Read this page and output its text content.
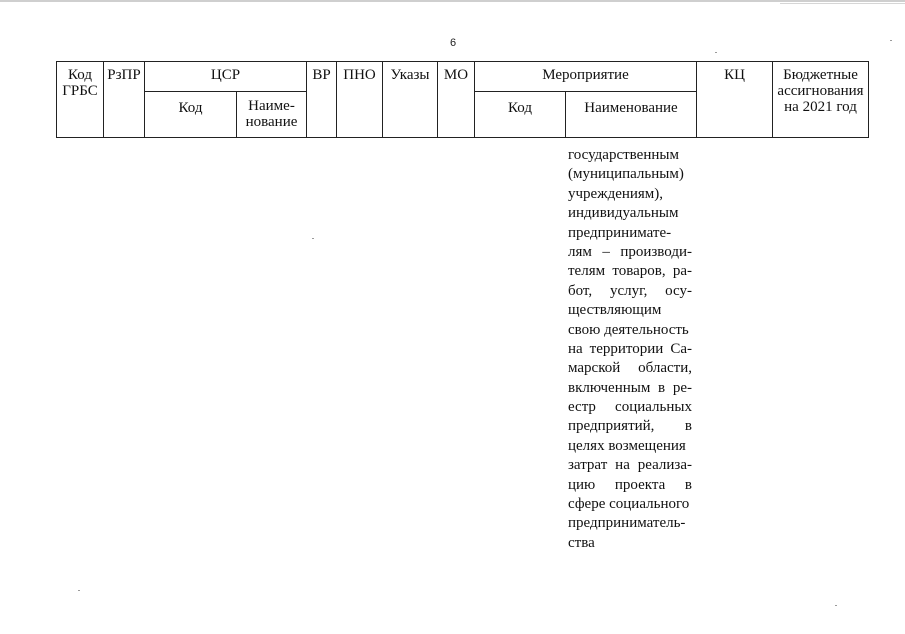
6
Код
ГРБС	РзПР	ЦСР		ВР	ПНО	Указы	МО	Мероприятие		КЦ	Бюджетные
ассигнования
на 2021 год

		Код	Наиме-
нование					Код	Наименование		
государственным
(муниципальным)
учреждениям),
индивидуальным
предпринимате-
лям – производи-
телям товаров, ра-
бот, услуг, осу-
ществляющим
свою деятельность
на территории Са-
марской области,
включенным в ре-
естр социальных
предприятий, в
целях возмещения
затрат на реализа-
цию проекта в
сфере социального
предприниматель-
ства
